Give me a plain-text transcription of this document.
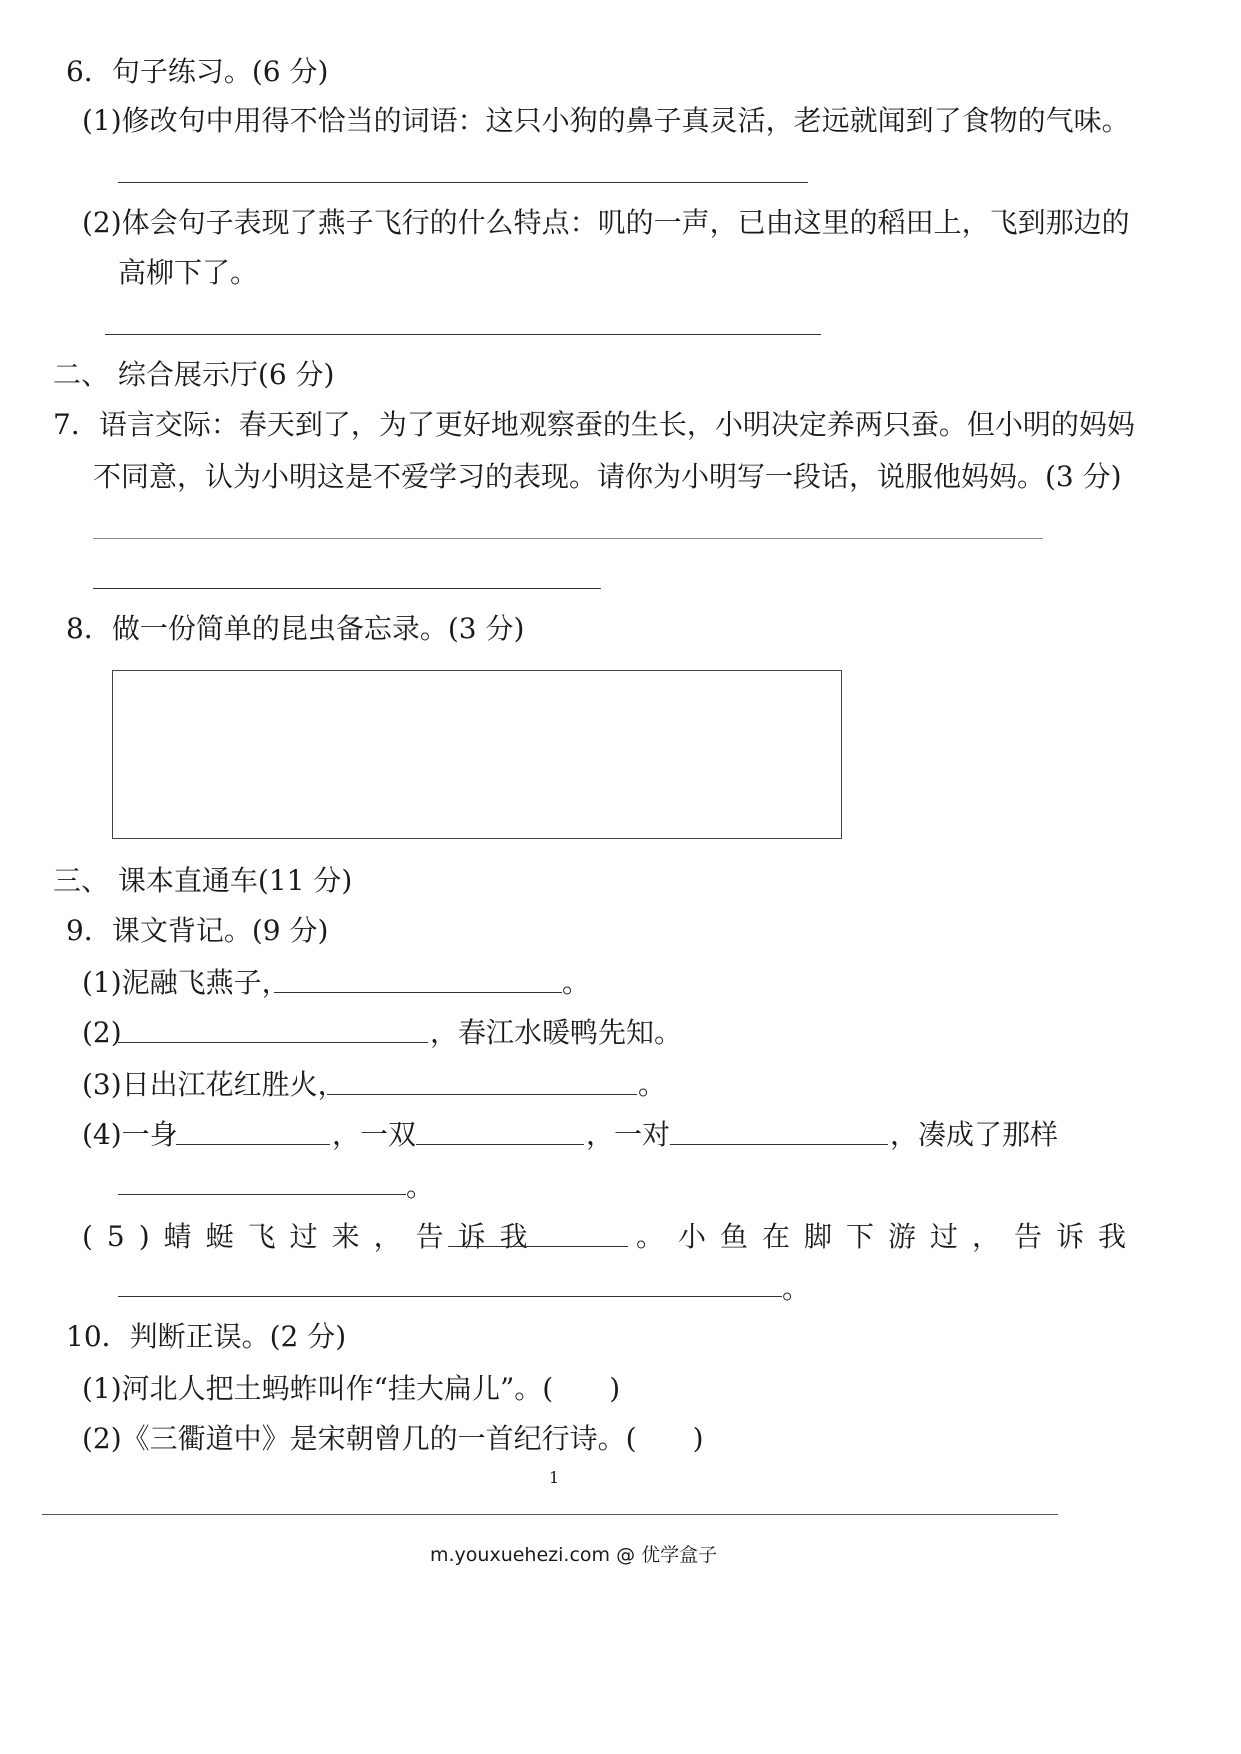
6．句子练习。(6 分)
(1)修改句中用得不恰当的词语：这只小狗的鼻子真灵活，老远就闻到了食物的气味。
(2)体会句子表现了燕子飞行的什么特点：叽的一声，已由这里的稻田上，飞到那边的
高柳下了。
二、 综合展示厅(6 分)
7．语言交际：春天到了，为了更好地观察蚕的生长，小明决定养两只蚕。但小明的妈妈
不同意，认为小明这是不爱学习的表现。请你为小明写一段话，说服他妈妈。(3 分)
8．做一份简单的昆虫备忘录。(3 分)
三、 课本直通车(11 分)
9．课文背记。(9 分)
(1)泥融飞燕子，	。
(2)	，春江水暖鸭先知。
(3)日出江花红胜火，	。
(4)一身	，一双	，一对	，凑成了那样
。
(5)蜻蜓飞过来，告诉我	。小鱼在脚下游过，告诉我
。
10．判断正误。(2 分)
(1)河北人把土蚂蚱叫作“挂大扁儿”。(　　)
(2)《三衢道中》是宋朝曾几的一首纪行诗。(　　)
1
m.youxuehezi.com @ 优学盒子
